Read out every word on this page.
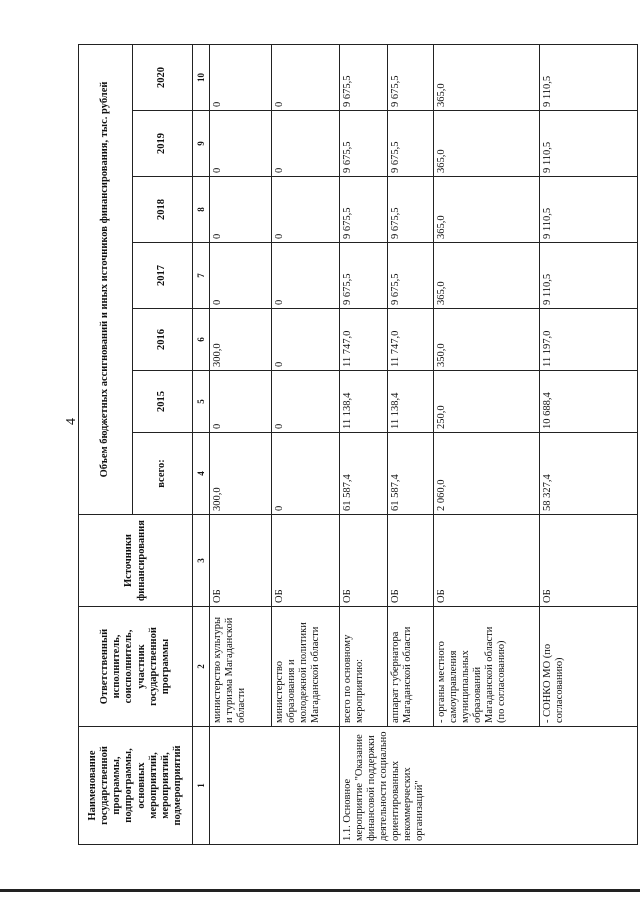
4
Наименование государственной программы, подпрограммы, основных мероприятий, мероприятий, подмероприятий	Ответственный исполнитель, соисполнитель, участник государственной программы	Источники финансирования	Объем бюджетных ассигнований и иных источников финансирования, тыс. рублей						
			всего:	2015	2016	2017	2018	2019	2020
1	2	3	4	5	6	7	8	9	10
	министерство культуры и туризма Магаданской области	ОБ	300,0	0	300,0	0	0	0	0
	министерство образования и молодежной политики Магаданской области	ОБ	0	0	0	0	0	0	0
1.1. Основное мероприятие "Оказание финансовой поддержки деятельности социально ориентированных некоммерческих организаций"	всего по основному мероприятию:	ОБ	61 587,4	11 138,4	11 747,0	9 675,5	9 675,5	9 675,5	9 675,5
	аппарат губернатора Магаданской области	ОБ	61 587,4	11 138,4	11 747,0	9 675,5	9 675,5	9 675,5	9 675,5
	- органы местного самоуправления муниципальных образований Магаданской области (по согласованию)	ОБ	2 060,0	250,0	350,0	365,0	365,0	365,0	365,0
	- СОНКО МО (по согласованию)	ОБ	58 327,4	10 688,4	11 197,0	9 110,5	9 110,5	9 110,5	9 110,5
